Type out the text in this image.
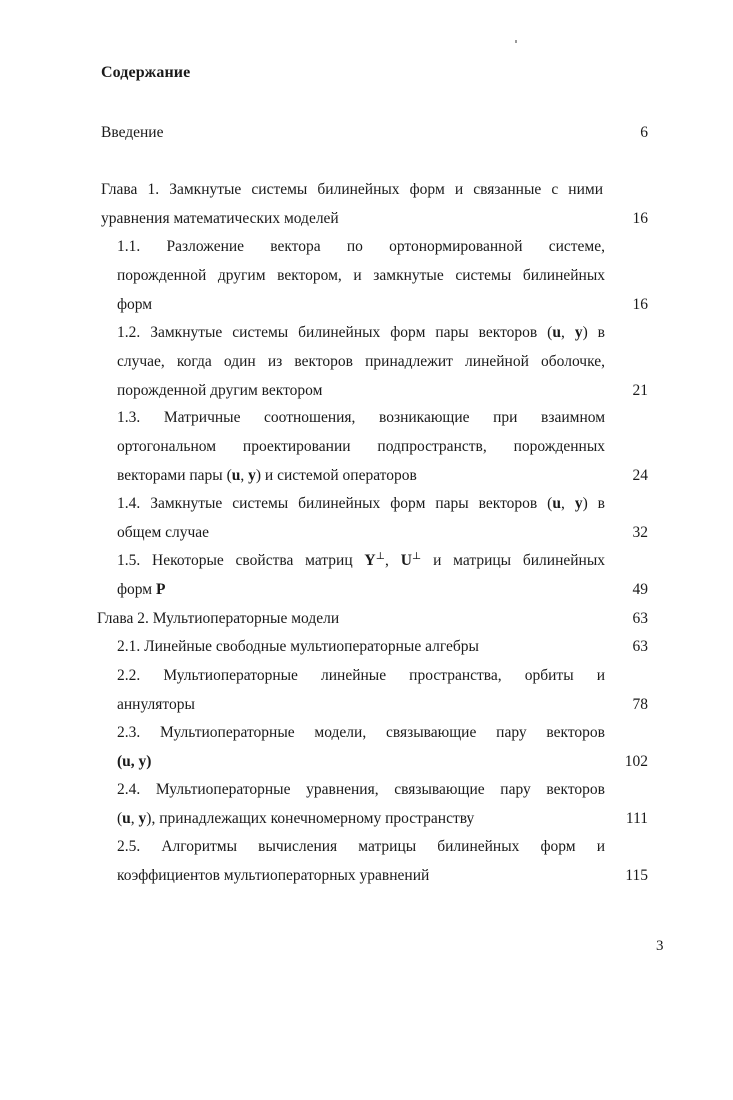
Содержание
Введение	6
Глава 1. Замкнутые системы билинейных форм и связанные с ними
уравнения математических моделей	16
1.1. Разложение вектора по ортонормированной системе,
порожденной другим вектором, и замкнутые системы билинейных
форм	16
1.2. Замкнутые системы билинейных форм пары векторов (u, y) в
случае, когда один из векторов принадлежит линейной оболочке,
порожденной другим вектором	21
1.3. Матричные соотношения, возникающие при взаимном
ортогональном проектировании подпространств, порожденных
векторами пары (u, y) и системой операторов	24
1.4. Замкнутые системы билинейных форм пары векторов (u, y) в
общем случае	32
1.5. Некоторые свойства матриц Y⊥, U⊥ и матрицы билинейных
форм P	49
Глава 2. Мультиоператорные модели	63
2.1. Линейные свободные мультиоператорные алгебры	63
2.2. Мультиоператорные линейные пространства, орбиты и
аннуляторы	78
2.3. Мультиоператорные модели, связывающие пару векторов
(u, y)	102
2.4. Мультиоператорные уравнения, связывающие пару векторов
(u, y), принадлежащих конечномерному пространству	111
2.5. Алгоритмы вычисления матрицы билинейных форм и
коэффициентов мультиоператорных уравнений	115
3
